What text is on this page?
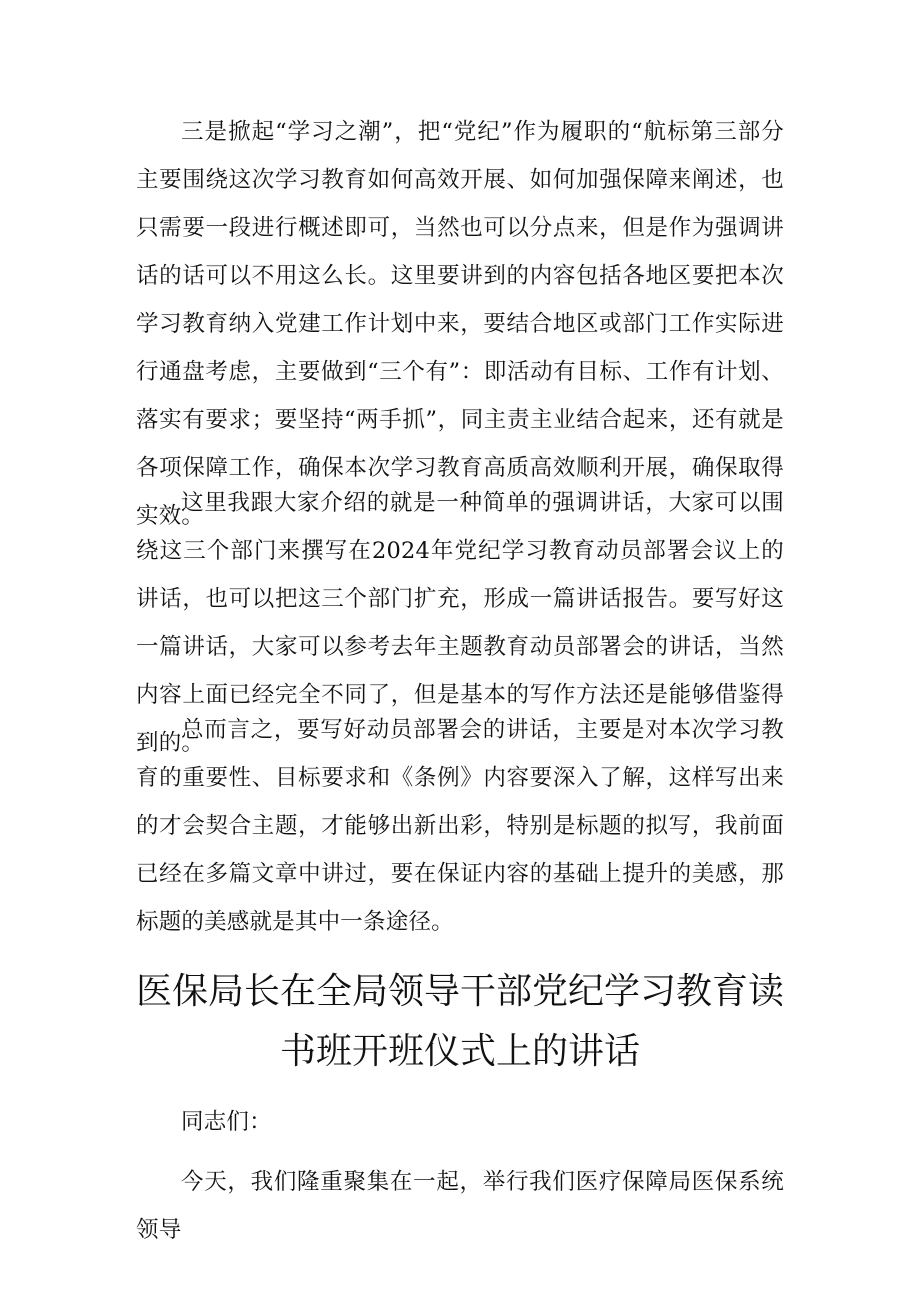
三是掀起“学习之潮”，把“党纪”作为履职的“航标第三部分主要围绕这次学习教育如何高效开展、如何加强保障来阐述，也只需要一段进行概述即可，当然也可以分点来，但是作为强调讲话的话可以不用这么长。这里要讲到的内容包括各地区要把本次学习教育纳入党建工作计划中来，要结合地区或部门工作实际进行通盘考虑，主要做到“三个有”：即活动有目标、工作有计划、落实有要求；要坚持“两手抓”，同主责主业结合起来，还有就是各项保障工作，确保本次学习教育高质高效顺利开展，确保取得实效。

这里我跟大家介绍的就是一种简单的强调讲话，大家可以围绕这三个部门来撰写在2024年党纪学习教育动员部署会议上的讲话，也可以把这三个部门扩充，形成一篇讲话报告。要写好这一篇讲话，大家可以参考去年主题教育动员部署会的讲话，当然内容上面已经完全不同了，但是基本的写作方法还是能够借鉴得到的。

总而言之，要写好动员部署会的讲话，主要是对本次学习教育的重要性、目标要求和《条例》内容要深入了解，这样写出来的才会契合主题，才能够出新出彩，特别是标题的拟写，我前面已经在多篇文章中讲过，要在保证内容的基础上提升的美感，那标题的美感就是其中一条途径。

医保局长在全局领导干部党纪学习教育读书班开班仪式上的讲话

同志们：

今天，我们隆重聚集在一起，举行我们医疗保障局医保系统领导
